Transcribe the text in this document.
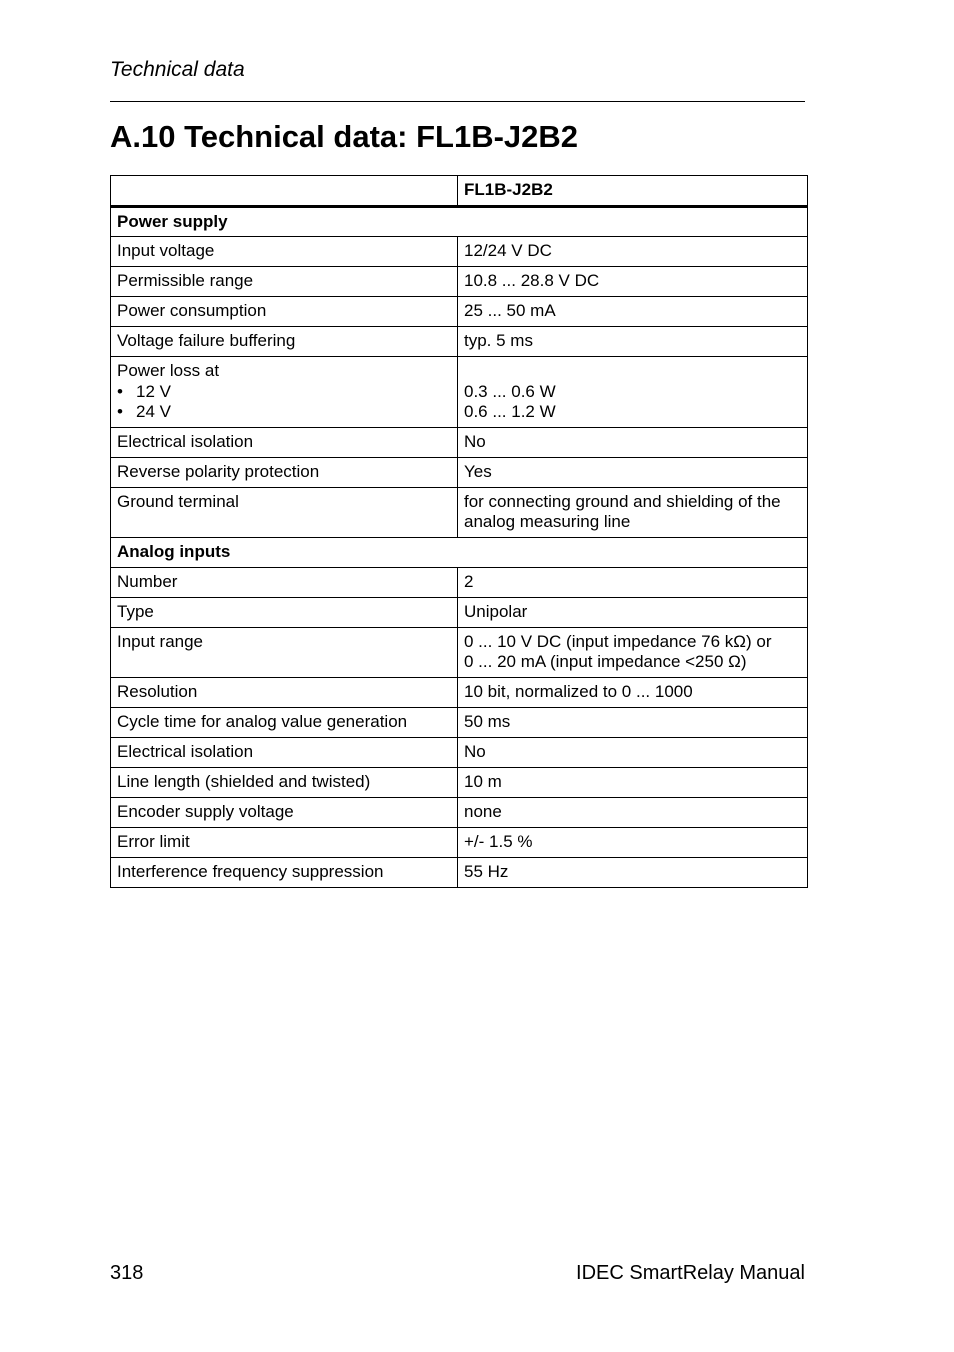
Technical data
A.10 Technical data: FL1B-J2B2
	FL1B-J2B2
Power supply	
Input voltage	12/24 V DC
Permissible range	10.8 ... 28.8 V DC
Power consumption	25 ... 50 mA
Voltage failure buffering	typ. 5 ms

Power loss at
• 12 V
• 24 V	0.3 ... 0.6 W
0.6 ... 1.2 W

Electrical isolation	No
Reverse polarity protection	Yes
Ground terminal	for connecting ground and shielding of the analog measuring line
Analog inputs	
Number	2
Type	Unipolar
Input range	0 ... 10 V DC (input impedance 76 kΩ) or
0 ... 20 mA (input impedance <250 Ω)

Resolution	10 bit, normalized to 0 ... 1000
Cycle time for analog value generation	50 ms
Electrical isolation	No
Line length (shielded and twisted)	10 m
Encoder supply voltage	none
Error limit	+/- 1.5 %
Interference frequency suppression	55 Hz
318	IDEC SmartRelay Manual
